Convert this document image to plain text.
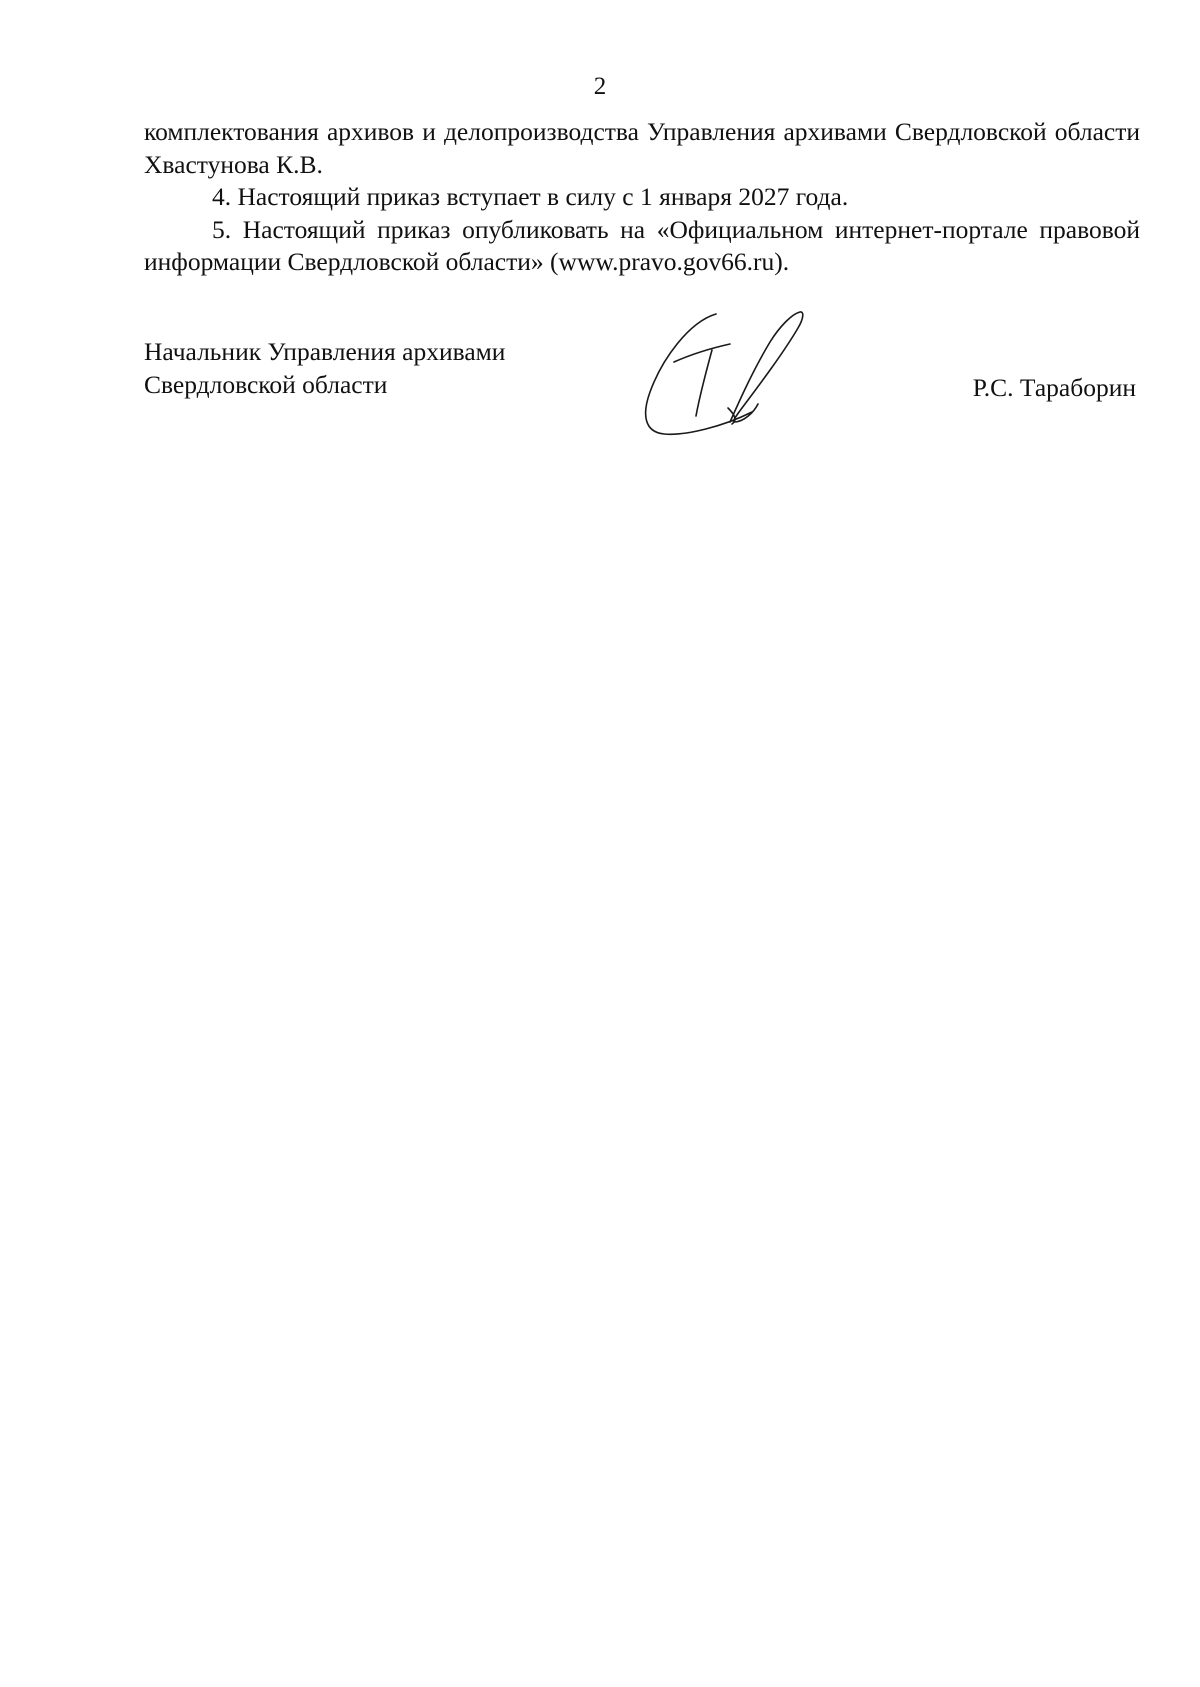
2

комплектования архивов и делопроизводства Управления архивами Свердловской области Хвастунова К.В.

4. Настоящий приказ вступает в силу с 1 января 2027 года.

5. Настоящий приказ опубликовать на «Официальном интернет-портале правовой информации Свердловской области» (www.pravo.gov66.ru).

Начальник Управления архивами
Свердловской области	Р.С. Тараборин
